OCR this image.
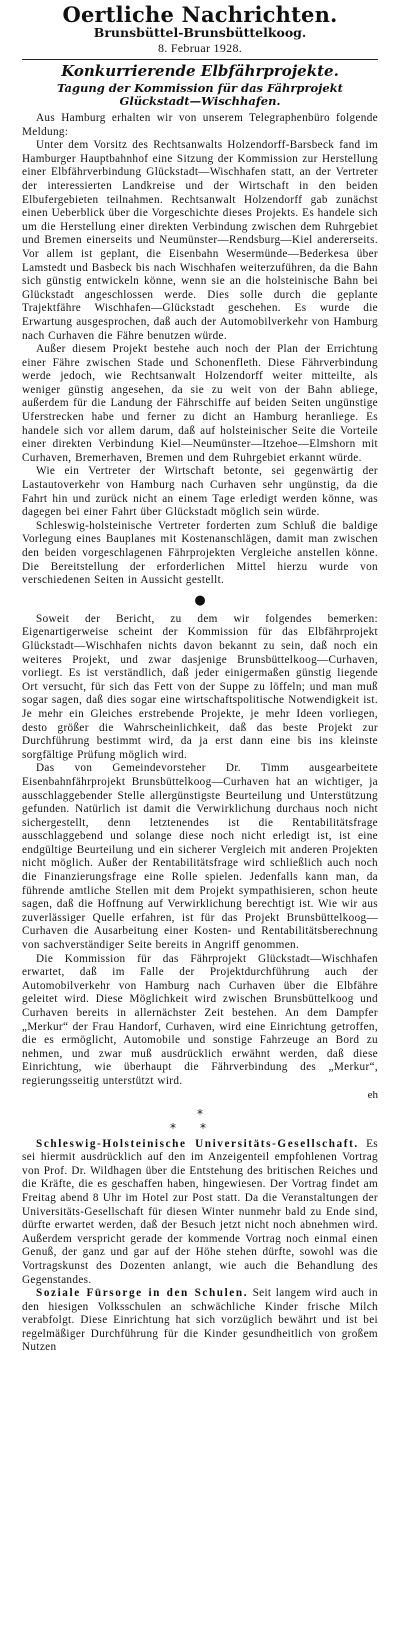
Oertliche Nachrichten.
Brunsbüttel-Brunsbüttelkoog.
8. Februar 1928.
Konkurrierende Elbfährprojekte.
Tagung der Kommission für das Fährprojekt Glückstadt—Wischhafen.

Aus Hamburg erhalten wir von unserem Telegraphenbüro folgende Meldung:

Unter dem Vorsitz des Rechtsanwalts Holzendorff-Barsbeck fand im Hamburger Hauptbahnhof eine Sitzung der Kommission zur Herstellung einer Elbfährverbindung Glückstadt—Wischhafen statt, an der Vertreter der interessierten Landkreise und der Wirtschaft in den beiden Elbufergebieten teilnahmen. Rechtsanwalt Holzendorff gab zunächst einen Ueberblick über die Vorgeschichte dieses Projekts. Es handele sich um die Herstellung einer direkten Verbindung zwischen dem Ruhrgebiet und Bremen einerseits und Neumünster—Rendsburg—Kiel andererseits. Vor allem ist geplant, die Eisenbahn Wesermünde—Bederkesa über Lamstedt und Basbeck bis nach Wischhafen weiterzuführen, da die Bahn sich günstig entwickeln könne, wenn sie an die holsteinische Bahn bei Glückstadt angeschlossen werde. Dies solle durch die geplante Trajektfähre Wischhafen—Glückstadt geschehen. Es wurde die Erwartung ausgesprochen, daß auch der Automobilverkehr von Hamburg nach Curhaven die Fähre benutzen würde.

Außer diesem Projekt bestehe auch noch der Plan der Errichtung einer Fähre zwischen Stade und Schonenfleth. Diese Fährverbindung werde jedoch, wie Rechtsanwalt Holzendorff weiter mitteilte, als weniger günstig angesehen, da sie zu weit von der Bahn abliege, außerdem für die Landung der Fährschiffe auf beiden Seiten ungünstige Uferstrecken habe und ferner zu dicht an Hamburg heranliege. Es handele sich vor allem darum, daß auf holsteinischer Seite die Vorteile einer direkten Verbindung Kiel—Neumünster—Itzehoe—Elmshorn mit Curhaven, Bremerhaven, Bremen und dem Ruhrgebiet erkannt würde.

Wie ein Vertreter der Wirtschaft betonte, sei gegenwärtig der Lastautoverkehr von Hamburg nach Curhaven sehr ungünstig, da die Fahrt hin und zurück nicht an einem Tage erledigt werden könne, was dagegen bei einer Fahrt über Glückstadt möglich sein würde.

Schleswig-holsteinische Vertreter forderten zum Schluß die baldige Vorlegung eines Bauplanes mit Kostenanschlägen, damit man zwischen den beiden vorgeschlagenen Fährprojekten Vergleiche anstellen könne. Die Bereitstellung der erforderlichen Mittel hierzu wurde von verschiedenen Seiten in Aussicht gestellt.

●

Soweit der Bericht, zu dem wir folgendes bemerken: Eigenartigerweise scheint der Kommission für das Elbfährprojekt Glückstadt—Wischhafen nichts davon bekannt zu sein, daß noch ein weiteres Projekt, und zwar dasjenige Brunsbüttelkoog—Curhaven, vorliegt. Es ist verständlich, daß jeder einigermaßen günstig liegende Ort versucht, für sich das Fett von der Suppe zu löffeln; und man muß sogar sagen, daß dies sogar eine wirtschaftspolitische Notwendigkeit ist. Je mehr ein Gleiches erstrebende Projekte, je mehr Ideen vorliegen, desto größer die Wahrscheinlichkeit, daß das beste Projekt zur Durchführung bestimmt wird, da ja erst dann eine bis ins kleinste sorgfältige Prüfung möglich wird.

Das von Gemeindevorsteher Dr. Timm ausgearbeitete Eisenbahnfährprojekt Brunsbüttelkoog—Curhaven hat an wichtiger, ja ausschlaggebender Stelle allergünstigste Beurteilung und Unterstützung gefunden. Natürlich ist damit die Verwirklichung durchaus noch nicht sichergestellt, denn letztenendes ist die Rentabilitätsfrage ausschlaggebend und solange diese noch nicht erledigt ist, ist eine endgültige Beurteilung und ein sicherer Vergleich mit anderen Projekten nicht möglich. Außer der Rentabilitätsfrage wird schließlich auch noch die Finanzierungsfrage eine Rolle spielen. Jedenfalls kann man, da führende amtliche Stellen mit dem Projekt sympathisieren, schon heute sagen, daß die Hoffnung auf Verwirklichung berechtigt ist. Wie wir aus zuverlässiger Quelle erfahren, ist für das Projekt Brunsbüttelkoog—Curhaven die Ausarbeitung einer Kosten- und Rentabilitätsberechnung von sachverständiger Seite bereits in Angriff genommen.

Die Kommission für das Fährprojekt Glückstadt—Wischhafen erwartet, daß im Falle der Projektdurchführung auch der Automobilverkehr von Hamburg nach Curhaven über die Elbfähre geleitet wird. Diese Möglichkeit wird zwischen Brunsbüttelkoog und Curhaven bereits in allernächster Zeit bestehen. An dem Dampfer „Merkur“ der Frau Handorf, Curhaven, wird eine Einrichtung getroffen, die es ermöglicht, Automobile und sonstige Fahrzeuge an Bord zu nehmen, und zwar muß ausdrücklich erwähnt werden, daß diese Einrichtung, wie überhaupt die Fährverbindung des „Merkur“, regierungsseitig unterstützt wird.

eh
*
**

Schleswig-Holsteinische Universitäts-Gesellschaft. Es sei hiermit ausdrücklich auf den im Anzeigenteil empfohlenen Vortrag von Prof. Dr. Wildhagen über die Entstehung des britischen Reiches und die Kräfte, die es geschaffen haben, hingewiesen. Der Vortrag findet am Freitag abend 8 Uhr im Hotel zur Post statt. Da die Veranstaltungen der Universitäts-Gesellschaft für diesen Winter nunmehr bald zu Ende sind, dürfte erwartet werden, daß der Besuch jetzt nicht noch abnehmen wird. Außerdem verspricht gerade der kommende Vortrag noch einmal einen Genuß, der ganz und gar auf der Höhe stehen dürfte, sowohl was die Vortragskunst des Dozenten anlangt, wie auch die Behandlung des Gegenstandes.

Soziale Fürsorge in den Schulen. Seit langem wird auch in den hiesigen Volksschulen an schwächliche Kinder frische Milch verabfolgt. Diese Einrichtung hat sich vorzüglich bewährt und ist bei regelmäßiger Durchführung für die Kinder gesundheitlich von großem Nutzen
